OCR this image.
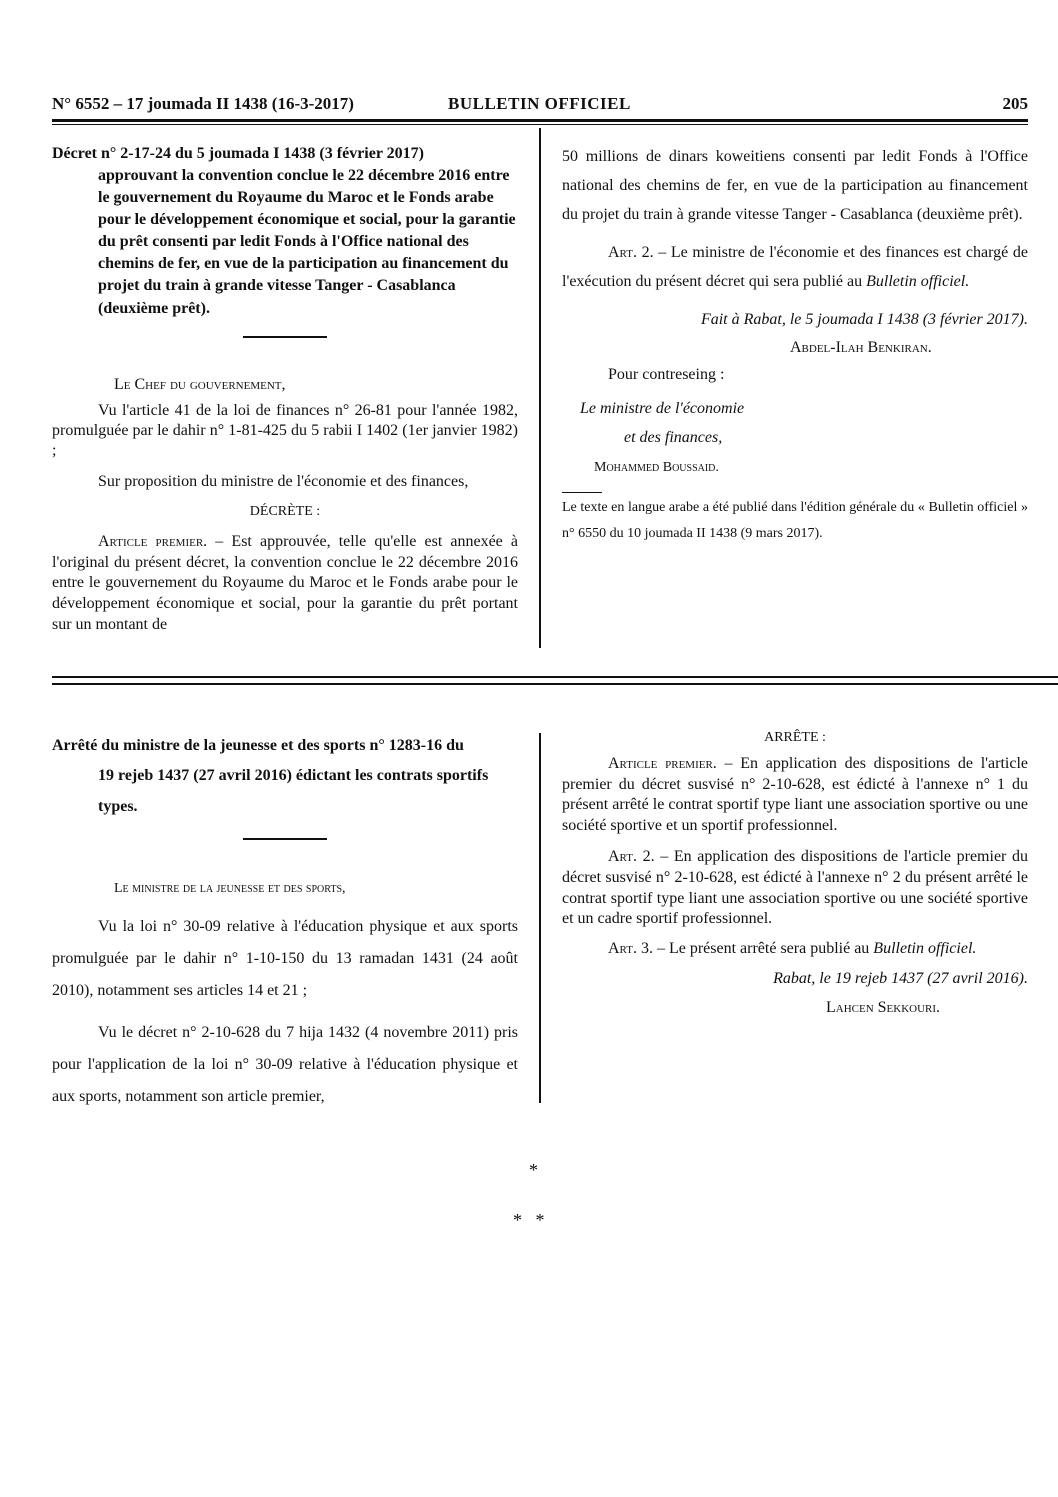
N° 6552 – 17 joumada II 1438 (16-3-2017)	BULLETIN OFFICIEL	205
Décret n° 2-17-24 du 5 joumada I 1438 (3 février 2017)
approuvant la convention conclue le 22 décembre 2016 entre le gouvernement du Royaume du Maroc et le Fonds arabe pour le développement économique et social, pour la garantie du prêt consenti par ledit Fonds à l'Office national des chemins de fer, en vue de la participation au financement du projet du train à grande vitesse Tanger - Casablanca (deuxième prêt).

Le Chef du gouvernement,

Vu l'article 41 de la loi de finances n° 26-81 pour l'année 1982, promulguée par le dahir n° 1-81-425 du 5 rabii I 1402 (1er janvier 1982) ;

Sur proposition du ministre de l'économie et des finances,

DÉCRÈTE :

Article premier. – Est approuvée, telle qu'elle est annexée à l'original du présent décret, la convention conclue le 22 décembre 2016 entre le gouvernement du Royaume du Maroc et le Fonds arabe pour le développement économique et social, pour la garantie du prêt portant sur un montant de

50 millions de dinars koweitiens consenti par ledit Fonds à l'Office national des chemins de fer, en vue de la participation au financement du projet du train à grande vitesse Tanger - Casablanca (deuxième prêt).

Art. 2. – Le ministre de l'économie et des finances est chargé de l'exécution du présent décret qui sera publié au Bulletin officiel.

Fait à Rabat, le 5 joumada I 1438 (3 février 2017).

Abdel-Ilah Benkiran.

Pour contreseing :

Le ministre de l'économie

et des finances,

Mohammed Boussaid.

Le texte en langue arabe a été publié dans l'édition générale du « Bulletin officiel » n° 6550 du 10 joumada II 1438 (9 mars 2017).

Arrêté du ministre de la jeunesse et des sports n° 1283-16 du
19 rejeb 1437 (27 avril 2016) édictant les contrats sportifs types.

Le ministre de la jeunesse et des sports,

Vu la loi n° 30-09 relative à l'éducation physique et aux sports promulguée par le dahir n° 1-10-150 du 13 ramadan 1431 (24 août 2010), notamment ses articles 14 et 21 ;

Vu le décret n° 2-10-628 du 7 hija 1432 (4 novembre 2011) pris pour l'application de la loi n° 30-09 relative à l'éducation physique et aux sports, notamment son article premier,

ARRÊTE :

Article premier. – En application des dispositions de l'article premier du décret susvisé n° 2-10-628, est édicté à l'annexe n° 1 du présent arrêté le contrat sportif type liant une association sportive ou une société sportive et un sportif professionnel.

Art. 2. – En application des dispositions de l'article premier du décret susvisé n° 2-10-628, est édicté à l'annexe n° 2 du présent arrêté le contrat sportif type liant une association sportive ou une société sportive et un cadre sportif professionnel.

Art. 3. – Le présent arrêté sera publié au Bulletin officiel.

Rabat, le 19 rejeb 1437 (27 avril 2016).

Lahcen Sekkouri.

*
*   *
